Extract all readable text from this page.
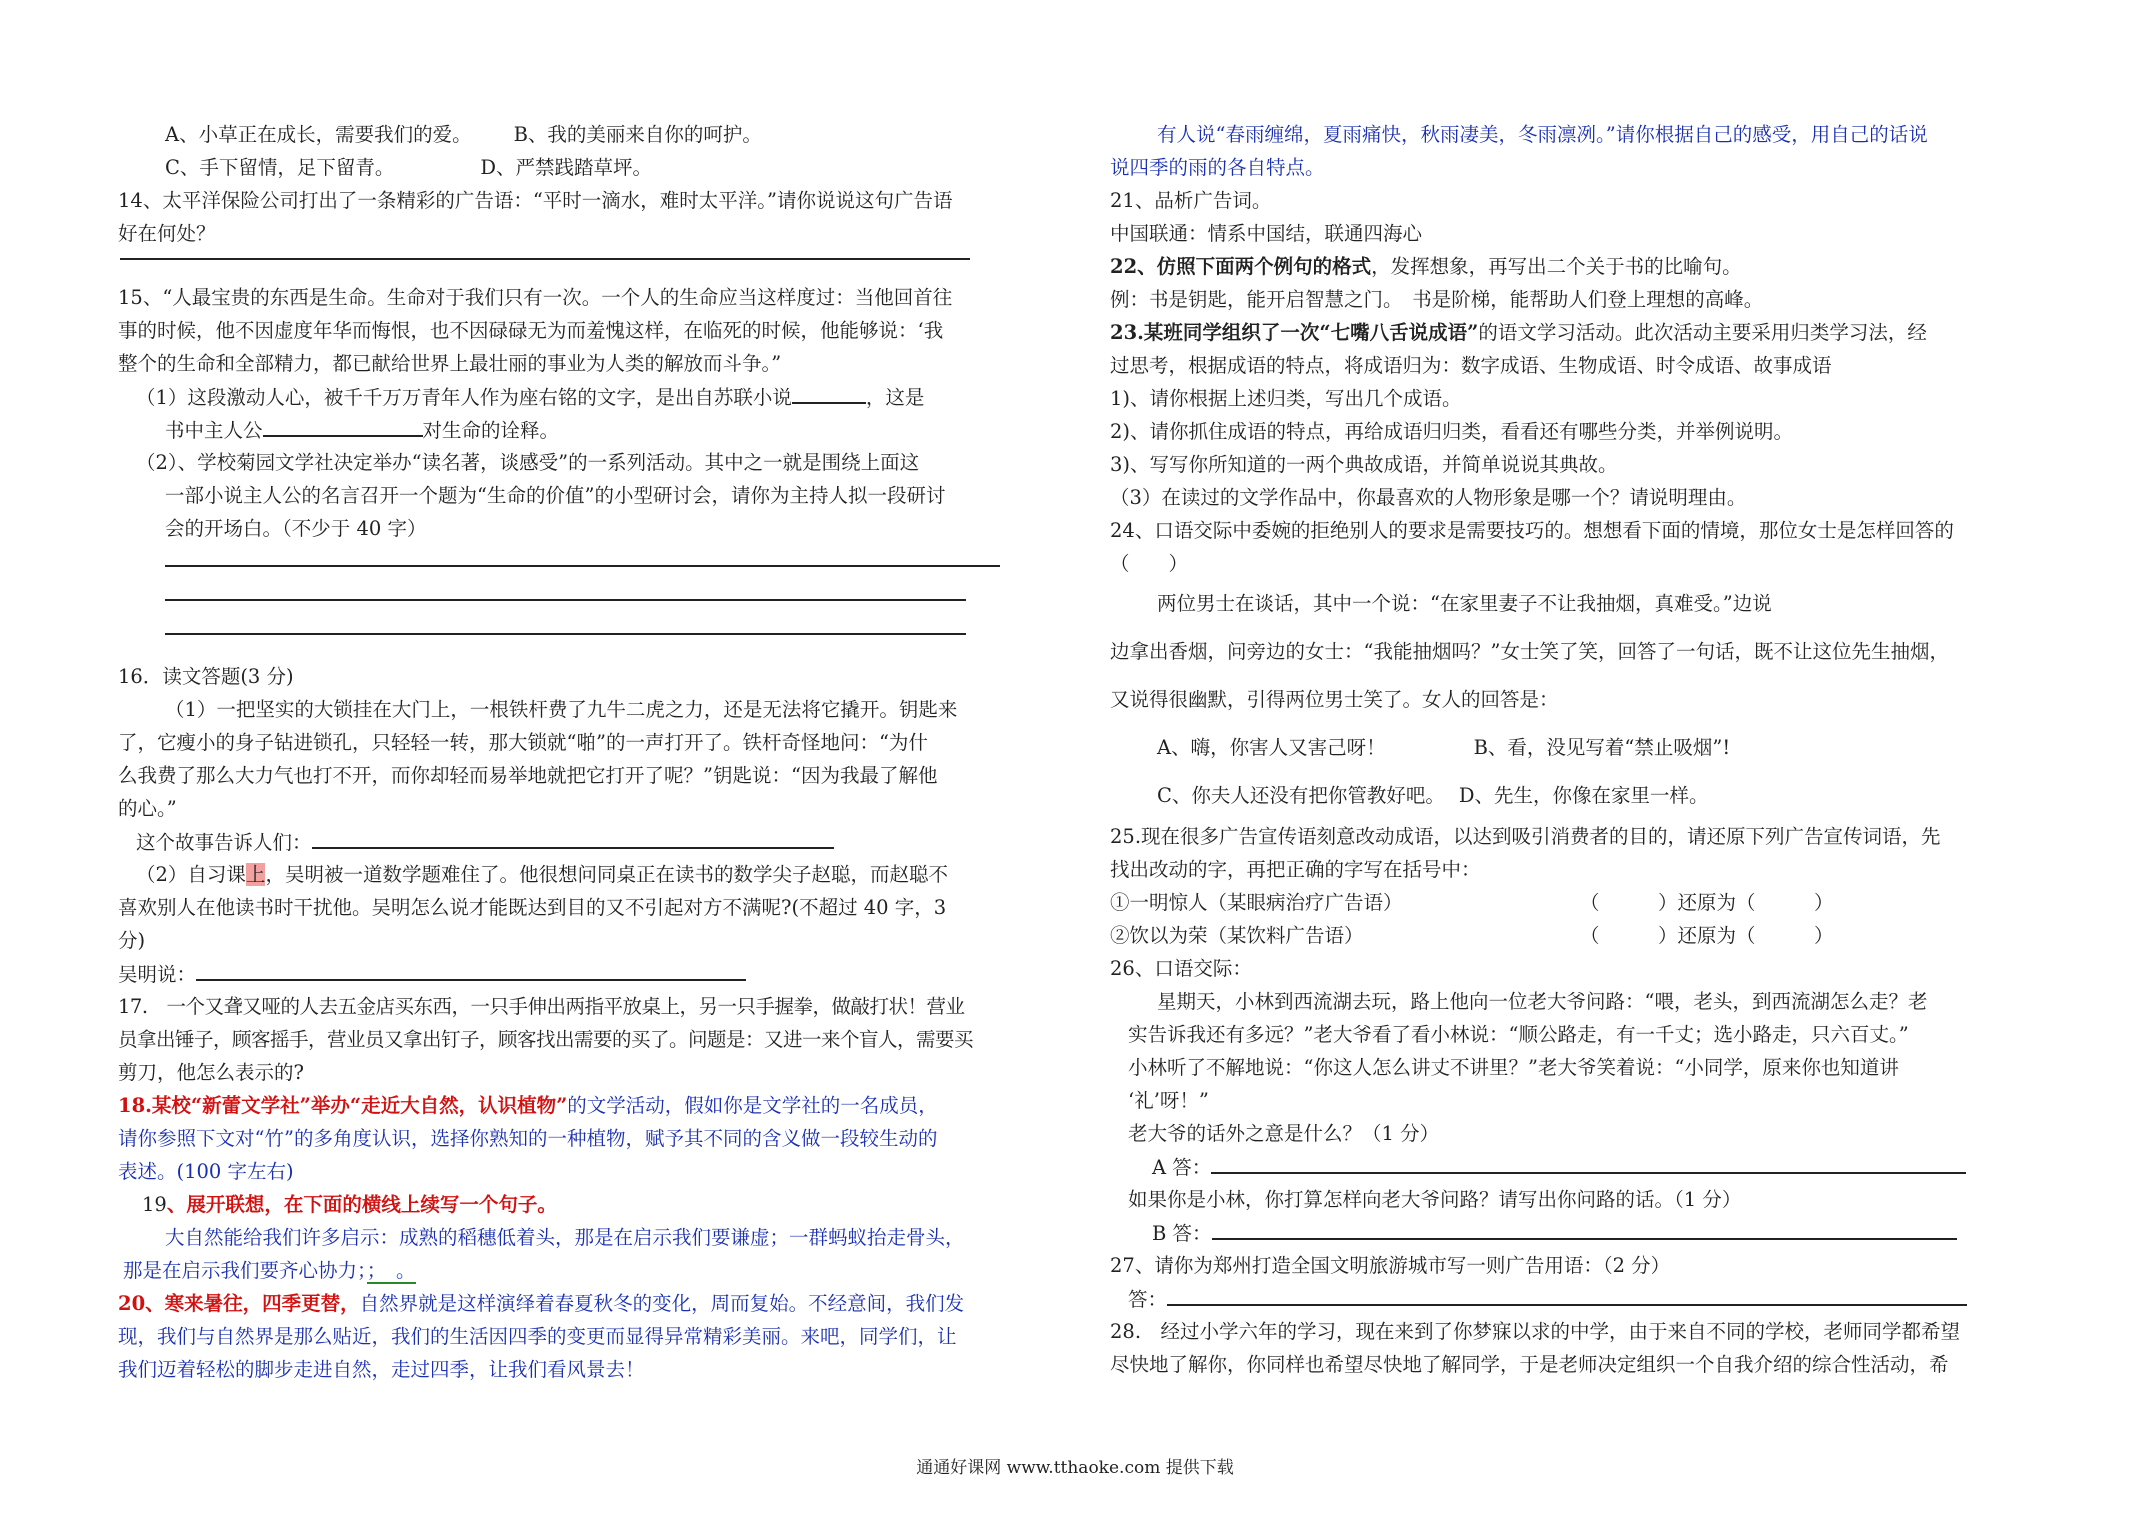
A、小草正在成长，需要我们的爱。 B、我的美丽来自你的呵护。
C、手下留情，足下留青。	D、严禁践踏草坪。
14、太平洋保险公司打出了一条精彩的广告语：“平时一滴水，难时太平洋。”请你说说这句广告语
好在何处？
15、“人最宝贵的东西是生命。生命对于我们只有一次。一个人的生命应当这样度过：当他回首往
事的时候，他不因虚度年华而悔恨，也不因碌碌无为而羞愧这样，在临死的时候，他能够说：‘我
整个的生命和全部精力，都已献给世界上最壮丽的事业为人类的解放而斗争。”
（1）这段激动人心，被千千万万青年人作为座右铭的文字，是出自苏联小说	，这是
书中主人公	对生命的诠释。
（2）、学校菊园文学社决定举办“读名著，谈感受”的一系列活动。其中之一就是围绕上面这
一部小说主人公的名言召开一个题为“生命的价值”的小型研讨会，请你为主持人拟一段研讨
会的开场白。（不少于 40 字）
16．读文答题(3 分)
（1）一把坚实的大锁挂在大门上，一根铁杆费了九牛二虎之力，还是无法将它撬开。钥匙来
了，它瘦小的身子钻进锁孔，只轻轻一转，那大锁就“啪”的一声打开了。铁杆奇怪地问：“为什
么我费了那么大力气也打不开，而你却轻而易举地就把它打开了呢？”钥匙说：“因为我最了解他
的心。”
这个故事告诉人们：
（2）自习课上，吴明被一道数学题难住了。他很想问同桌正在读书的数学尖子赵聪，而赵聪不
喜欢别人在他读书时干扰他。吴明怎么说才能既达到目的又不引起对方不满呢?(不超过 40 字，3
分)
吴明说：
17.　一个又聋又哑的人去五金店买东西，一只手伸出两指平放桌上，另一只手握拳，做敲打状！营业
员拿出锤子，顾客摇手，营业员又拿出钉子，顾客找出需要的买了。问题是：又进一来个盲人，需要买
剪刀，他怎么表示的?
18.某校“新蕾文学社”举办“走近大自然，认识植物”的文学活动，假如你是文学社的一名成员，
请你参照下文对“竹”的多角度认识，选择你熟知的一种植物，赋予其不同的含义做一段较生动的
表述。(100 字左右)
19、展开联想，在下面的横线上续写一个句子。
大自然能给我们许多启示：成熟的稻穗低着头，那是在启示我们要谦虚；一群蚂蚁抬走骨头，
那是在启示我们要齐心协力；；　。
20、寒来暑往，四季更替，自然界就是这样演绎着春夏秋冬的变化，周而复始。不经意间，我们发
现，我们与自然界是那么贴近，我们的生活因四季的变更而显得异常精彩美丽。来吧，同学们，让
我们迈着轻松的脚步走进自然，走过四季，让我们看风景去！
有人说“春雨缠绵，夏雨痛快，秋雨凄美，冬雨凛冽。”请你根据自己的感受，用自己的话说
说四季的雨的各自特点。
21、品析广告词。
中国联通：情系中国结，联通四海心
22、仿照下面两个例句的格式，发挥想象，再写出二个关于书的比喻句。
例：书是钥匙，能开启智慧之门。　书是阶梯，能帮助人们登上理想的高峰。
23.某班同学组织了一次“七嘴八舌说成语”的语文学习活动。此次活动主要采用归类学习法，经
过思考，根据成语的特点，将成语归为：数字成语、生物成语、时令成语、故事成语
1)、请你根据上述归类，写出几个成语。
2)、请你抓住成语的特点，再给成语归归类，看看还有哪些分类，并举例说明。
3)、写写你所知道的一两个典故成语，并简单说说其典故。
（3）在读过的文学作品中，你最喜欢的人物形象是哪一个？请说明理由。
24、口语交际中委婉的拒绝别人的要求是需要技巧的。想想看下面的情境，那位女士是怎样回答的
（　　）
两位男士在谈话，其中一个说：“在家里妻子不让我抽烟，真难受。”边说
边拿出香烟，问旁边的女士：“我能抽烟吗？”女士笑了笑，回答了一句话，既不让这位先生抽烟，
又说得很幽默，引得两位男士笑了。女人的回答是：
A、嗨，你害人又害己呀！	B、看，没见写着“禁止吸烟”!
C、你夫人还没有把你管教好吧。 D、先生，你像在家里一样。
25.现在很多广告宣传语刻意改动成语，以达到吸引消费者的目的，请还原下列广告宣传词语，先
找出改动的字，再把正确的字写在括号中：
①一明惊人（某眼病治疗广告语）	（　　　）还原为（　　　）
②饮以为荣（某饮料广告语）	（　　　）还原为（　　　）
26、口语交际：
星期天，小林到西流湖去玩，路上他向一位老大爷问路：“喂，老头，到西流湖怎么走？老
实告诉我还有多远？”老大爷看了看小林说：“顺公路走，有一千丈；选小路走，只六百丈。”
小林听了不解地说：“你这人怎么讲丈不讲里？”老大爷笑着说：“小同学，原来你也知道讲
‘礼’呀！”
老大爷的话外之意是什么？（1 分）
A 答：
如果你是小林，你打算怎样向老大爷问路？请写出你问路的话。（1 分）
B 答：
27、请你为郑州打造全国文明旅游城市写一则广告用语：（2 分）
答：
28.　经过小学六年的学习，现在来到了你梦寐以求的中学，由于来自不同的学校，老师同学都希望
尽快地了解你，你同样也希望尽快地了解同学，于是老师决定组织一个自我介绍的综合性活动，希
通通好课网 www.tthaoke.com 提供下载
